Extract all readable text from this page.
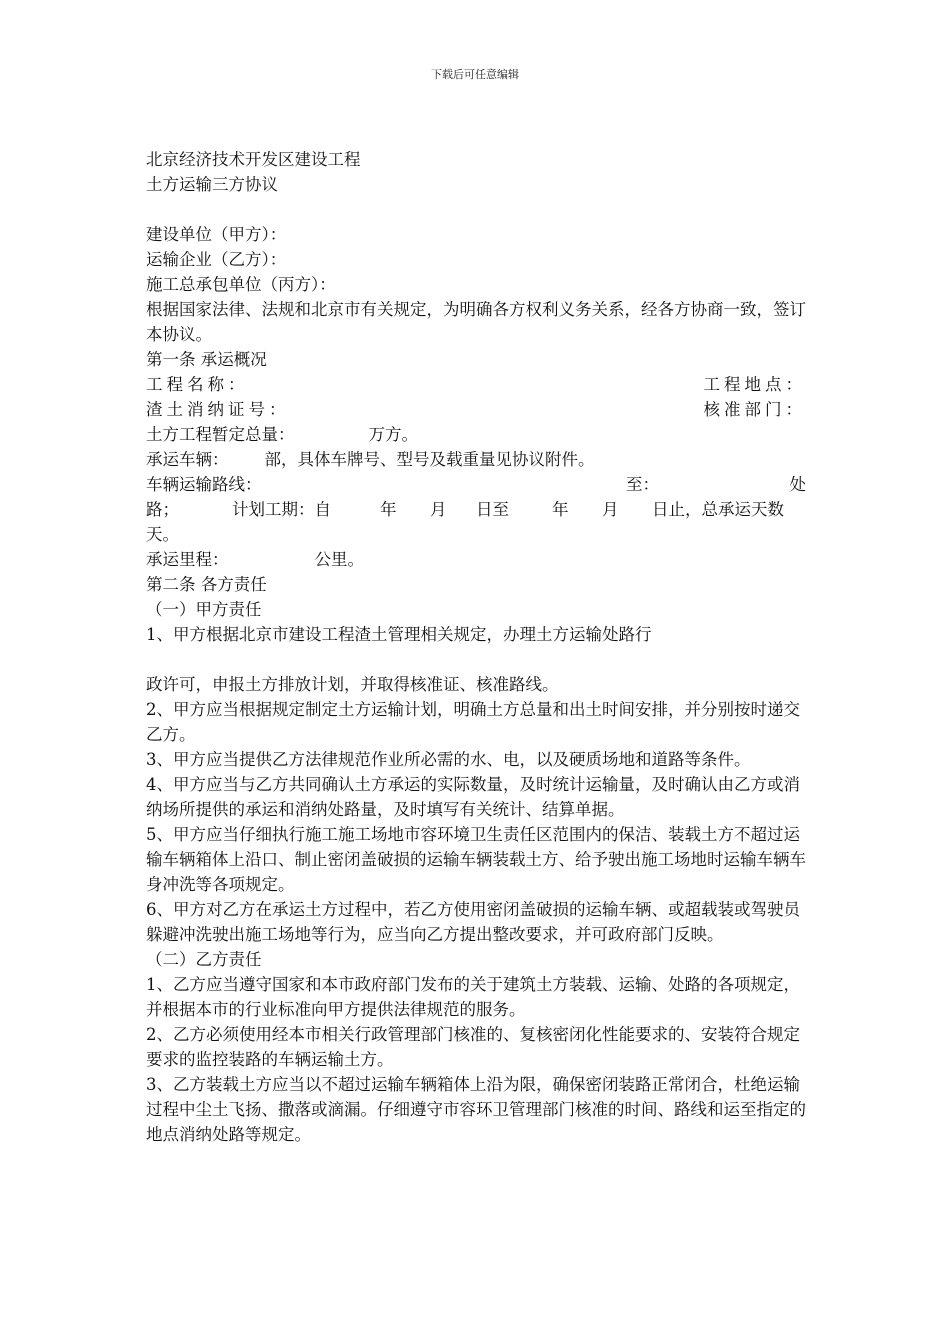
下载后可任意编辑
北京经济技术开发区建设工程
土方运输三方协议
建设单位（甲方）：
运输企业（乙方）：
施工总承包单位（丙方）：
根据国家法律、法规和北京市有关规定，为明确各方权利义务关系，经各方协商一致，签订本协议。
第一条 承运概况
工程名称：	工程地点：
渣土消纳证号：	核准部门：
土方工程暂定总量：	万方。
承运车辆： 部，具体车牌号、型号及载重量见协议附件。
车辆运输路线：	至：	处
路；	计划工期：自	年 月 日至	年 月 日止，总承运天数
天。
承运里程：	公里。
第二条 各方责任
（一）甲方责任
1、甲方根据北京市建设工程渣土管理相关规定，办理土方运输处路行
政许可，申报土方排放计划，并取得核准证、核准路线。
2、甲方应当根据规定制定土方运输计划，明确土方总量和出土时间安排，并分别按时递交乙方。
3、甲方应当提供乙方法律规范作业所必需的水、电，以及硬质场地和道路等条件。
4、甲方应当与乙方共同确认土方承运的实际数量，及时统计运输量，及时确认由乙方或消纳场所提供的承运和消纳处路量，及时填写有关统计、结算单据。
5、甲方应当仔细执行施工施工场地市容环境卫生责任区范围内的保洁、装载土方不超过运输车辆箱体上沿口、制止密闭盖破损的运输车辆装载土方、给予驶出施工场地时运输车辆车身冲洗等各项规定。
6、甲方对乙方在承运土方过程中，若乙方使用密闭盖破损的运输车辆、或超载装或驾驶员躲避冲洗驶出施工场地等行为，应当向乙方提出整改要求，并可政府部门反映。
（二）乙方责任
1、乙方应当遵守国家和本市政府部门发布的关于建筑土方装载、运输、处路的各项规定，并根据本市的行业标准向甲方提供法律规范的服务。
2、乙方必须使用经本市相关行政管理部门核准的、复核密闭化性能要求的、安装符合规定要求的监控装路的车辆运输土方。
3、乙方装载土方应当以不超过运输车辆箱体上沿为限，确保密闭装路正常闭合，杜绝运输过程中尘土飞扬、撒落或滴漏。仔细遵守市容环卫管理部门核准的时间、路线和运至指定的地点消纳处路等规定。
